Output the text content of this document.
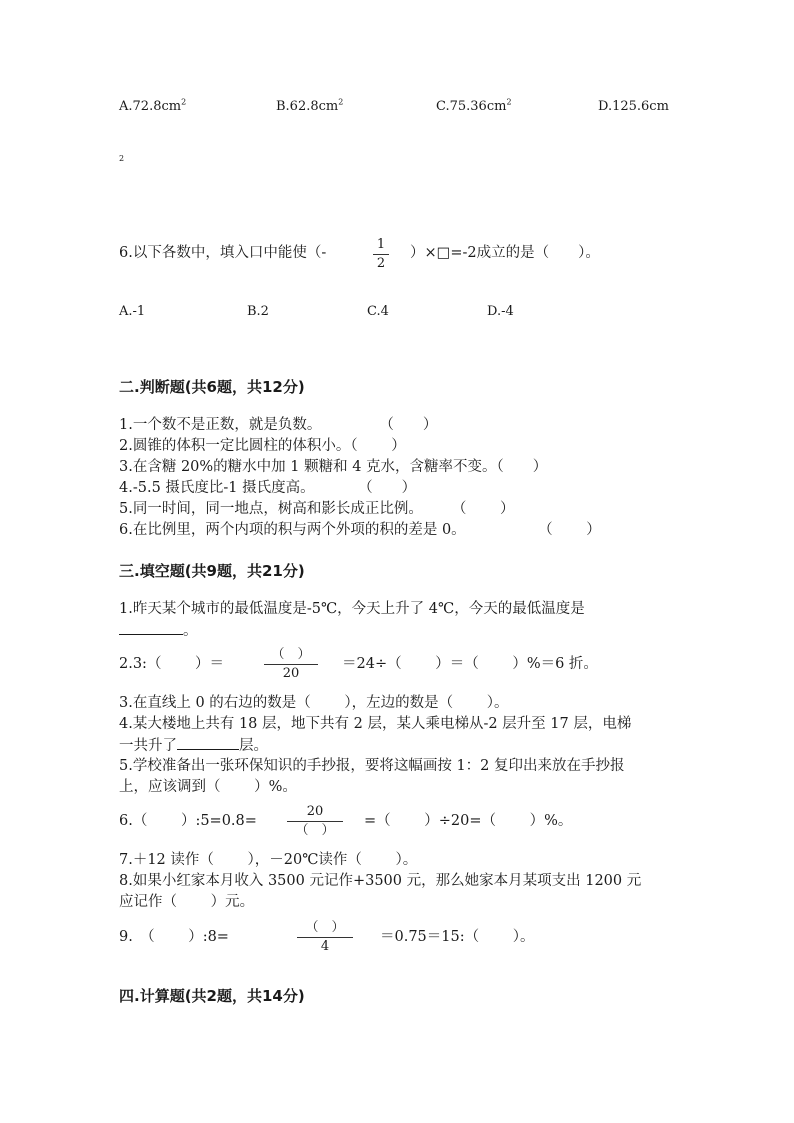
$A.72.8cm^2$	$B.62.8cm^2$	$C.75.36cm^2$	D.125.6cm
2
6.以下各数中，填入口中能使（-
1
2
）×□=-2成立的是（　　）。
A.-1	B.2	C.4	D.-4
二.判断题(共6题，共12分)
1.一个数不是正数，就是负数。　　　　　（　　）
2.圆锥的体积一定比圆柱的体积小。（　　 ）
3.在含糖 20%的糖水中加 1 颗糖和 4 克水，含糖率不变。（　　）
4.-5.5 摄氏度比-1 摄氏度高。　　　　（　　）
5.同一时间，同一地点，树高和影长成正比例。　　　（　　 ）
6.在比例里，两个内项的积与两个外项的积的差是 0。　　　　　　（　　 ）
三.填空题(共9题，共21分)
1.昨天某个城市的最低温度是-5℃，今天上升了 4℃，今天的最低温度是
。
2.3:（　　 ）＝
（　）
20
＝24÷（　　 ）＝（　　 ）%＝6 折。
3.在直线上 0 的右边的数是（　　 ），左边的数是（　　 ）。
4.某大楼地上共有 18 层，地下共有 2 层，某人乘电梯从-2 层升至 17 层，电梯
一共升了	层。
5.学校准备出一张环保知识的手抄报，要将这幅画按 1：2 复印出来放在手抄报
上，应该调到（　　 ）%。
6.（　　 ）:5=0.8=
20
（　）
=（　　 ）÷20=（　　 ）%。
7.＋12 读作（　　 ），－20℃读作（　　 ）。
8.如果小红家本月收入 3500 元记作+3500 元，那么她家本月某项支出 1200 元
应记作（　　 ）元。
9.　（　　 ）:8=
（　）
4
＝0.75＝15:（　　 ）。
四.计算题(共2题，共14分)
